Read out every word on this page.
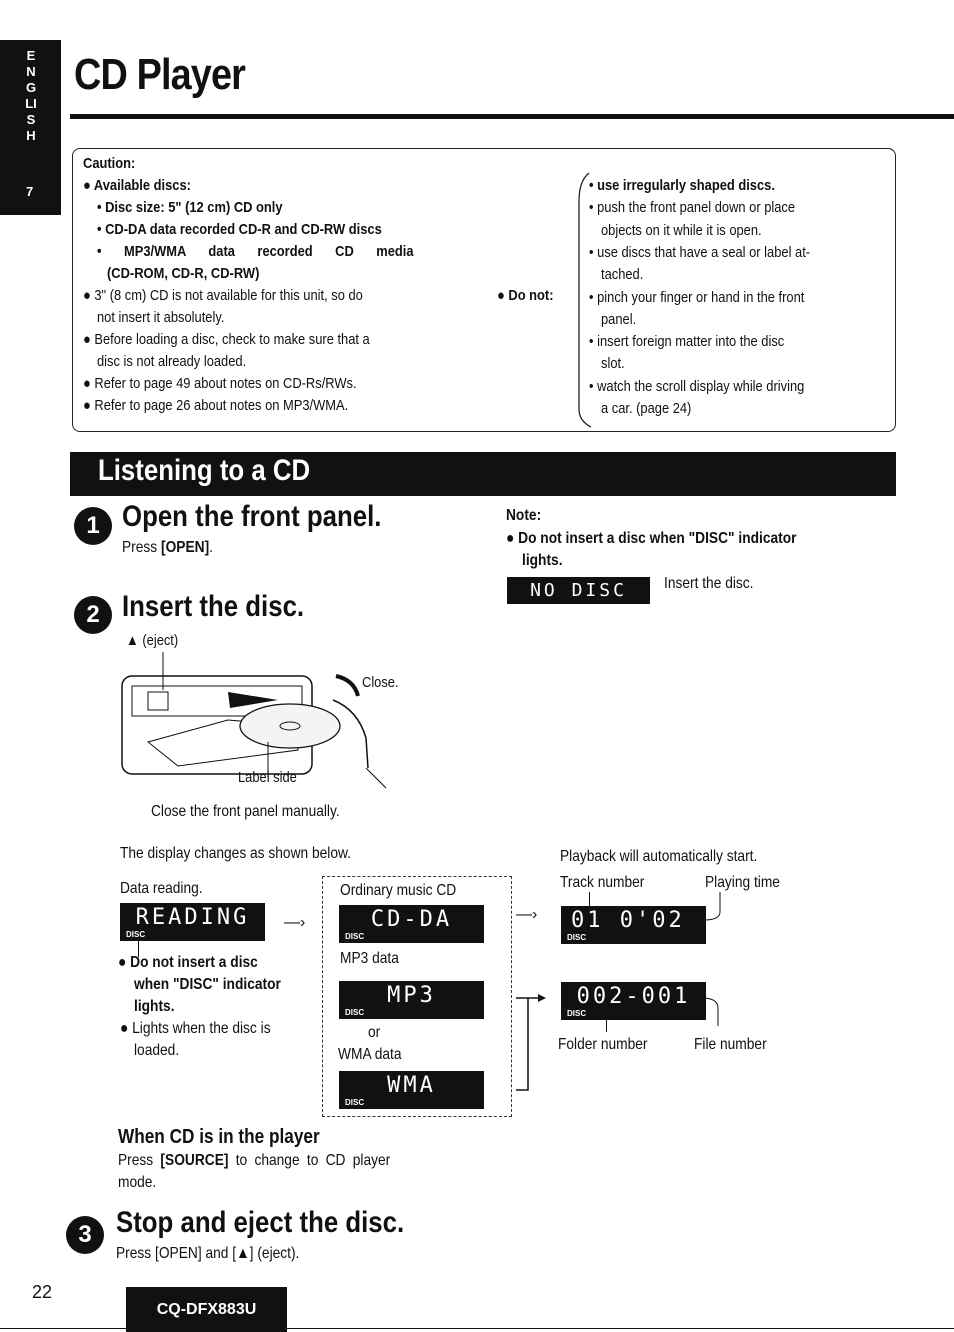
ENGLISH
7
CD Player
Caution:
● Available discs:
• Disc size: 5" (12 cm) CD only
• CD-DA data recorded CD-R and CD-RW discs
• MP3/WMA data recorded CD media
(CD-ROM, CD-R, CD-RW)
● 3" (8 cm) CD is not available for this unit, so do
not insert it absolutely.
● Before loading a disc, check to make sure that a
disc is not already loaded.
● Refer to page 49 about notes on CD-Rs/RWs.
● Refer to page 26 about notes on MP3/WMA.
● Do not:
• use irregularly shaped discs.
• push the front panel down or place
objects on it while it is open.
• use discs that have a seal or label at-
tached.
• pinch your finger or hand in the front
panel.
• insert foreign matter into the disc
slot.
• watch the scroll display while driving
a car. (page 24)
Listening to a CD
1 Open the front panel.
Press [OPEN].
Note:
● Do not insert a disc when "DISC" indicator
lights.
NO DISC	Insert the disc.
2 Insert the disc.
▲ (eject)
Close.
Label side
Close the front panel manually.
The display changes as shown below.
Data reading.
READING
DISC
―›
● Do not insert a disc
when "DISC" indicator
lights.
● Lights when the disc is
loaded.
Ordinary music CD
CD-DA
DISC
MP3 data
MP3
DISC
or
WMA data
WMA
DISC
―›
Playback will automatically start.
Track number	Playing time
01 0'02
DISC
002-001
DISC
Folder number	File number
When CD is in the player
Press [SOURCE] to change to CD player
mode.
3 Stop and eject the disc.
Press [OPEN] and [▲] (eject).
22
CQ-DFX883U
